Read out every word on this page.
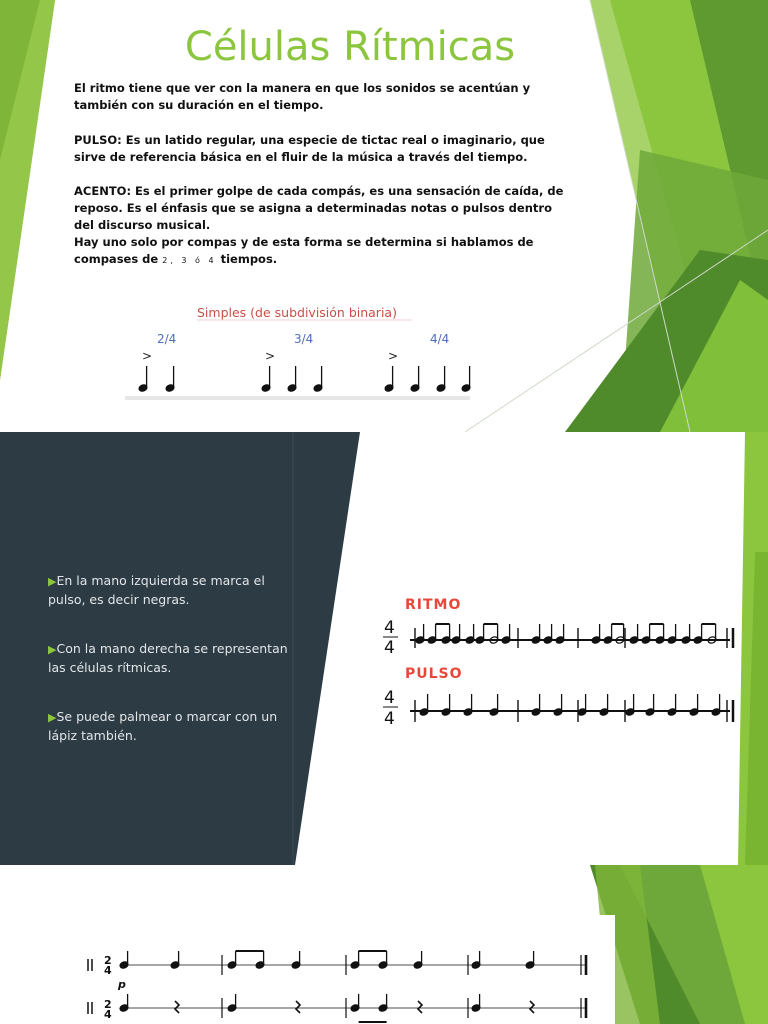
Células Rítmicas

El ritmo tiene que ver con la manera en que los sonidos se acentúan y también con su duración en el tiempo.

PULSO: Es un latido regular, una especie de tictac real o imaginario, que sirve de referencia básica en el fluir de la música a través del tiempo.

ACENTO: Es el primer golpe de cada compás, es una sensación de caída, de reposo. Es el énfasis que se asigna a determinadas notas o pulsos dentro del discurso musical.

Hay uno solo por compas y de esta forma se determina si hablamos de compases de 2, 3 ó 4 tiempos.

Simples (de subdivisión binaria)
2/4	3/4	4/4
>	>	>

▶En la mano izquierda se marca el pulso, es decir negras.

▶Con la mano derecha se representan las células rítmicas.

▶Se puede palmear o marcar con un lápiz también.

RITMO
PULSO
4
4
4
4
2
4
p
2
4
